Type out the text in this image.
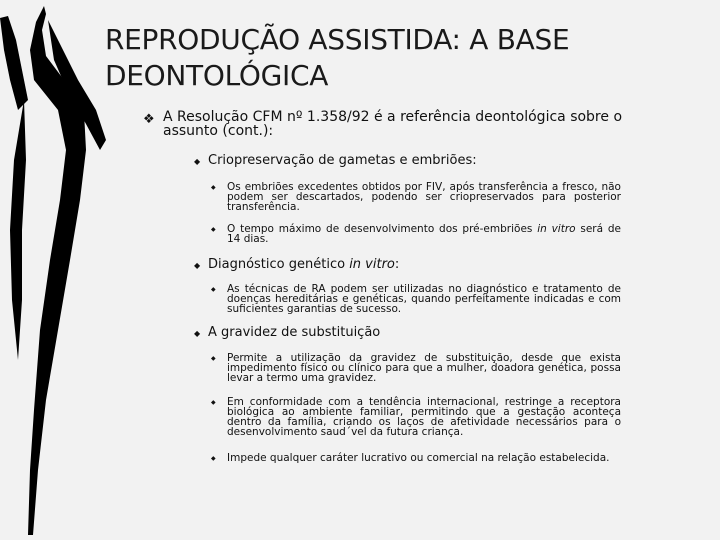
REPRODUÇÃO ASSISTIDA: A BASE DEONTOLÓGICA
❖ A Resolução CFM nº 1.358/92 é a referência deontológica sobre o assunto (cont.):
◆ Criopreservação de gametas e embriões:
◆ Os embriões excedentes obtidos por FIV, após transferência a fresco, não podem ser descartados, podendo ser criopreservados para posterior transferência.
◆ O tempo máximo de desenvolvimento dos pré-embriões in vitro será de 14 dias.
◆ Diagnóstico genético in vitro:
◆ As técnicas de RA podem ser utilizadas no diagnóstico e tratamento de doenças hereditárias e genéticas, quando perfeitamente indicadas e com suficientes garantias de sucesso.
◆ A gravidez de substituição
◆ Permite a utilização da gravidez de substituição, desde que exista impedimento físico ou clínico para que a mulher, doadora genética, possa levar a termo uma gravidez.
◆ Em conformidade com a tendência internacional, restringe a receptora biológica ao ambiente familiar, permitindo que a gestação aconteça dentro da família, criando os laços de afetividade necessários para o desenvolvimento saud´vel da futura criança.
◆ Impede qualquer caráter lucrativo ou comercial na relação estabelecida.
